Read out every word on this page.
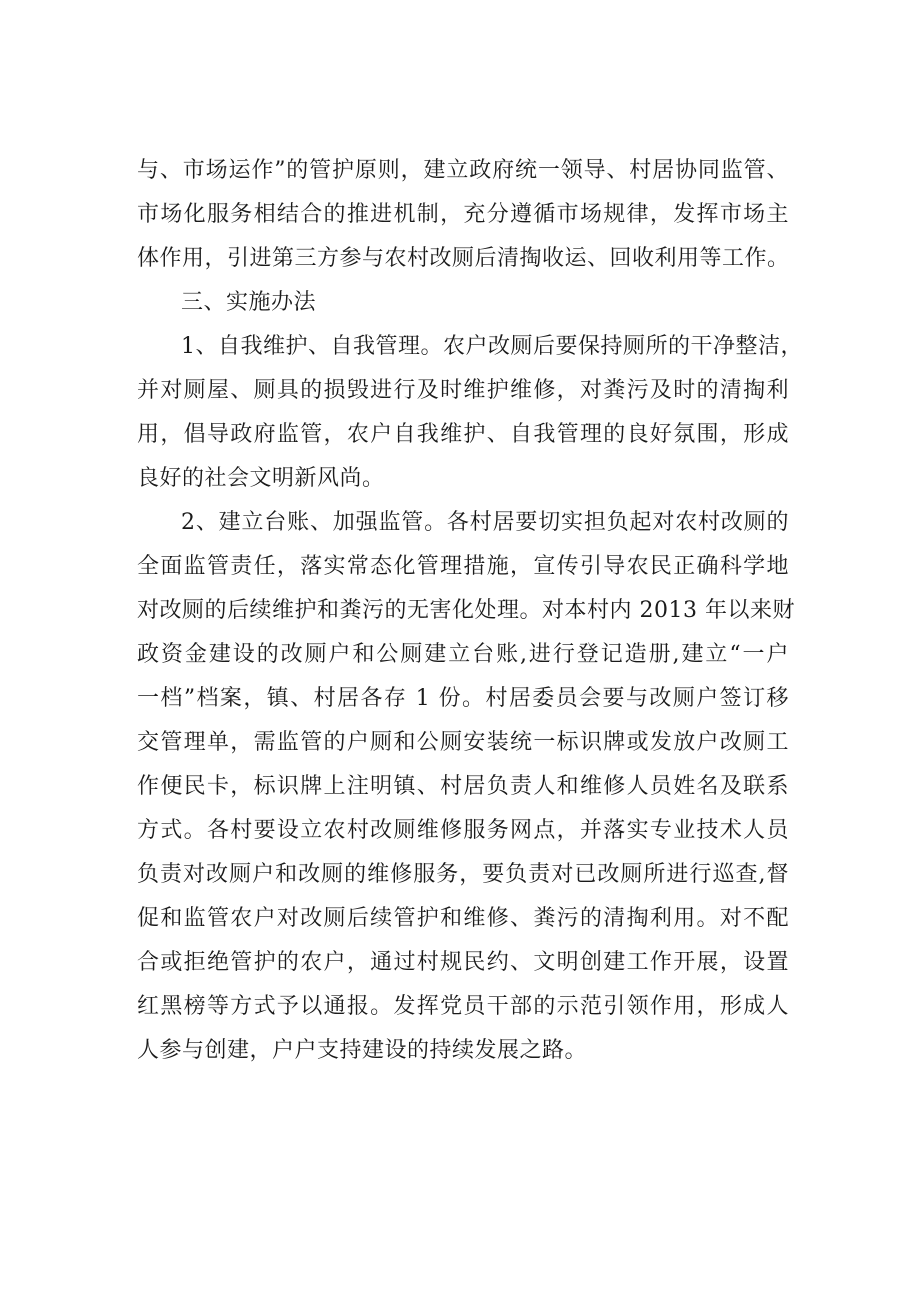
与、市场运作”的管护原则，建立政府统一领导、村居协同监管、
市场化服务相结合的推进机制，充分遵循市场规律，发挥市场主
体作用，引进第三方参与农村改厕后清掏收运、回收利用等工作。
三、实施办法
1、自我维护、自我管理。农户改厕后要保持厕所的干净整洁，
并对厕屋、厕具的损毁进行及时维护维修，对粪污及时的清掏利
用，倡导政府监管，农户自我维护、自我管理的良好氛围，形成
良好的社会文明新风尚。
2、建立台账、加强监管。各村居要切实担负起对农村改厕的
全面监管责任，落实常态化管理措施，宣传引导农民正确科学地
对改厕的后续维护和粪污的无害化处理。对本村内 2013 年以来财
政资金建设的改厕户和公厕建立台账,进行登记造册,建立“一户
一档”档案，镇、村居各存 1 份。村居委员会要与改厕户签订移
交管理单，需监管的户厕和公厕安装统一标识牌或发放户改厕工
作便民卡，标识牌上注明镇、村居负责人和维修人员姓名及联系
方式。各村要设立农村改厕维修服务网点，并落实专业技术人员
负责对改厕户和改厕的维修服务，要负责对已改厕所进行巡查,督
促和监管农户对改厕后续管护和维修、粪污的清掏利用。对不配
合或拒绝管护的农户，通过村规民约、文明创建工作开展，设置
红黑榜等方式予以通报。发挥党员干部的示范引领作用，形成人
人参与创建，户户支持建设的持续发展之路。
